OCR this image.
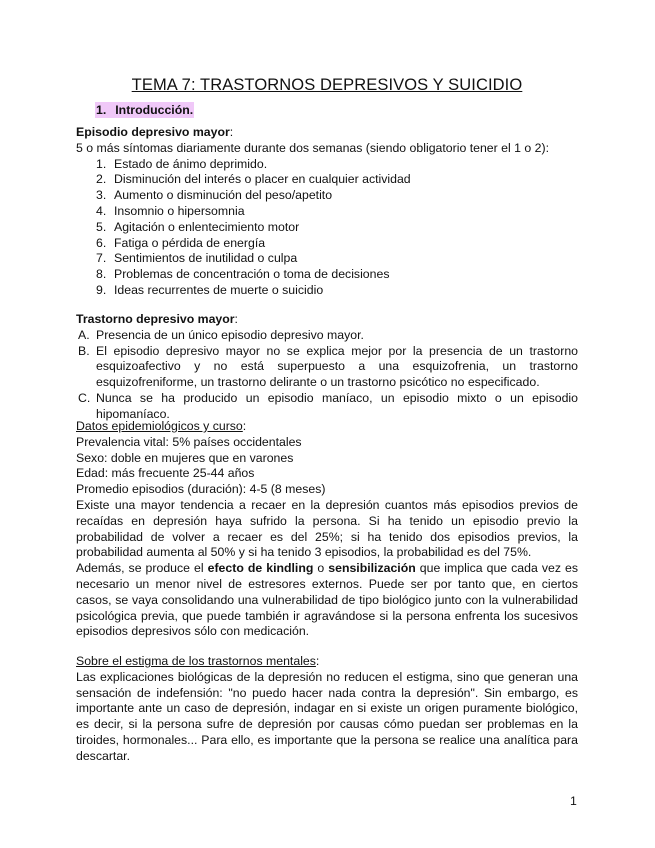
TEMA 7: TRASTORNOS DEPRESIVOS Y SUICIDIO
1. Introducción.
Episodio depresivo mayor:
5 o más síntomas diariamente durante dos semanas (siendo obligatorio tener el 1 o 2):
1. Estado de ánimo deprimido.
2. Disminución del interés o placer en cualquier actividad
3. Aumento o disminución del peso/apetito
4. Insomnio o hipersomnia
5. Agitación o enlentecimiento motor
6. Fatiga o pérdida de energía
7. Sentimientos de inutilidad o culpa
8. Problemas de concentración o toma de decisiones
9. Ideas recurrentes de muerte o suicidio
Trastorno depresivo mayor:
A. Presencia de un único episodio depresivo mayor.
B. El episodio depresivo mayor no se explica mejor por la presencia de un trastorno esquizoafectivo y no está superpuesto a una esquizofrenia, un trastorno esquizofreniforme, un trastorno delirante o un trastorno psicótico no especificado.
C. Nunca se ha producido un episodio maníaco, un episodio mixto o un episodio hipomaníaco.
Datos epidemiológicos y curso:
Prevalencia vital: 5% países occidentales
Sexo: doble en mujeres que en varones
Edad: más frecuente 25-44 años
Promedio episodios (duración): 4-5 (8 meses)

Existe una mayor tendencia a recaer en la depresión cuantos más episodios previos de recaídas en depresión haya sufrido la persona. Si ha tenido un episodio previo la probabilidad de volver a recaer es del 25%; si ha tenido dos episodios previos, la probabilidad aumenta al 50% y si ha tenido 3 episodios, la probabilidad es del 75%.

Además, se produce el efecto de kindling o sensibilización que implica que cada vez es necesario un menor nivel de estresores externos. Puede ser por tanto que, en ciertos casos, se vaya consolidando una vulnerabilidad de tipo biológico junto con la vulnerabilidad psicológica previa, que puede también ir agravándose si la persona enfrenta los sucesivos episodios depresivos sólo con medicación.

Sobre el estigma de los trastornos mentales:

Las explicaciones biológicas de la depresión no reducen el estigma, sino que generan una sensación de indefensión: "no puedo hacer nada contra la depresión". Sin embargo, es importante ante un caso de depresión, indagar en si existe un origen puramente biológico, es decir, si la persona sufre de depresión por causas cómo puedan ser problemas en la tiroides, hormonales... Para ello, es importante que la persona se realice una analítica para descartar.

1
